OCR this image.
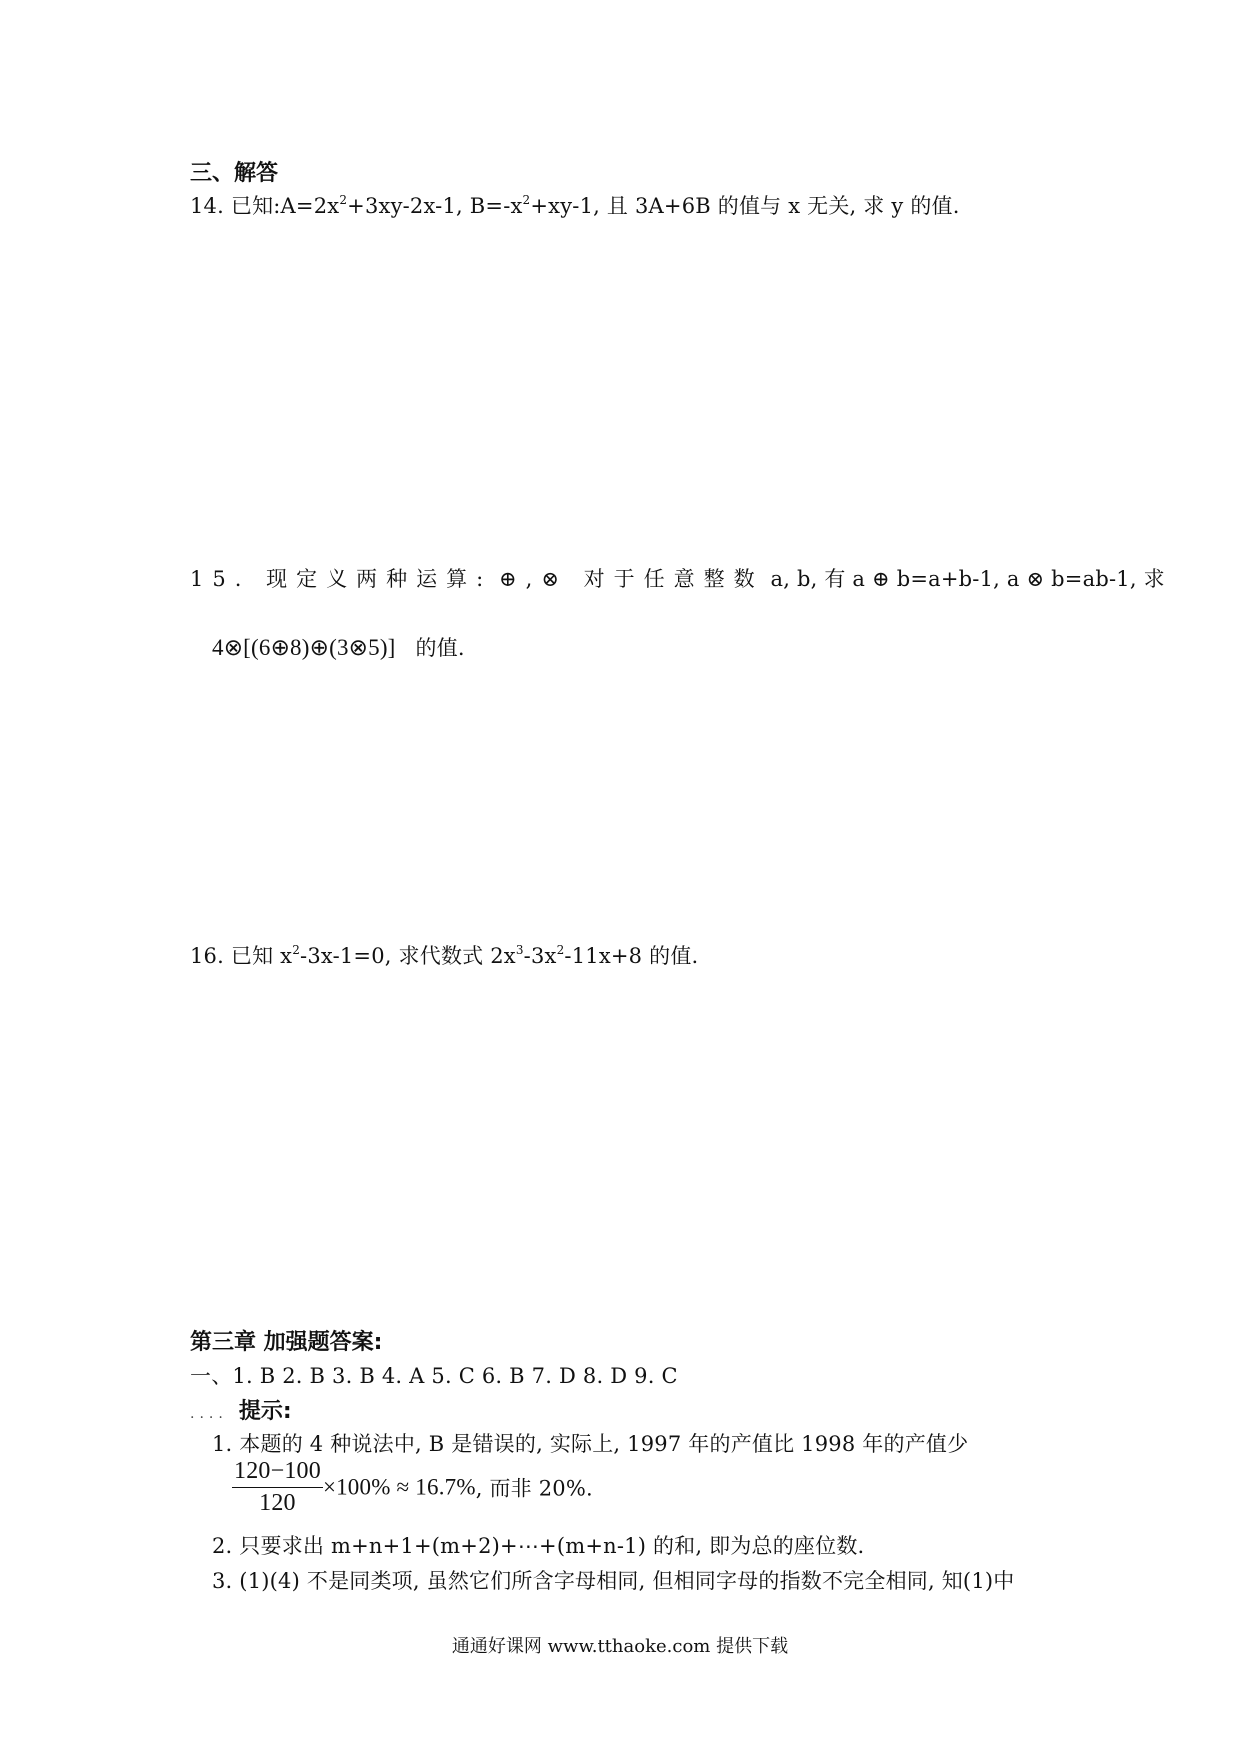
三、解答
14. 已知$:A=2x^2+3xy-2x-1$, $B=-x^2+xy-1$, 且 3A+6B 的值与 x 无关, 求 y 的值.
15. 现定义两种运算: ⊕,⊗ 对于任意整数 a, b, 有 a ⊕ b=a+b-1, a ⊗ b=ab-1, 求
4⊗[(6⊕8)⊕(3⊗5)] 的值.
16. 已知 $x^2-3x-1=0$, 求代数式 $2x^3-3x^2-11x+8$ 的值.
第三章 加强题答案:
一、1. B 2. B 3. B 4. A 5. C 6. B 7. D 8. D 9. C
.... 提示:
1. 本题的 4 种说法中, B 是错误的, 实际上, 1997 年的产值比 1998 年的产值少
$\frac{120-100}{120} \times 100\% \approx 16.7\%$, 而非 20%.
2. 只要求出 m+n+1+(m+2)+⋯+(m+n-1) 的和, 即为总的座位数.
3. (1)(4) 不是同类项, 虽然它们所含字母相同, 但相同字母的指数不完全相同, 知(1)中
通通好课网 www.tthaoke.com 提供下载
